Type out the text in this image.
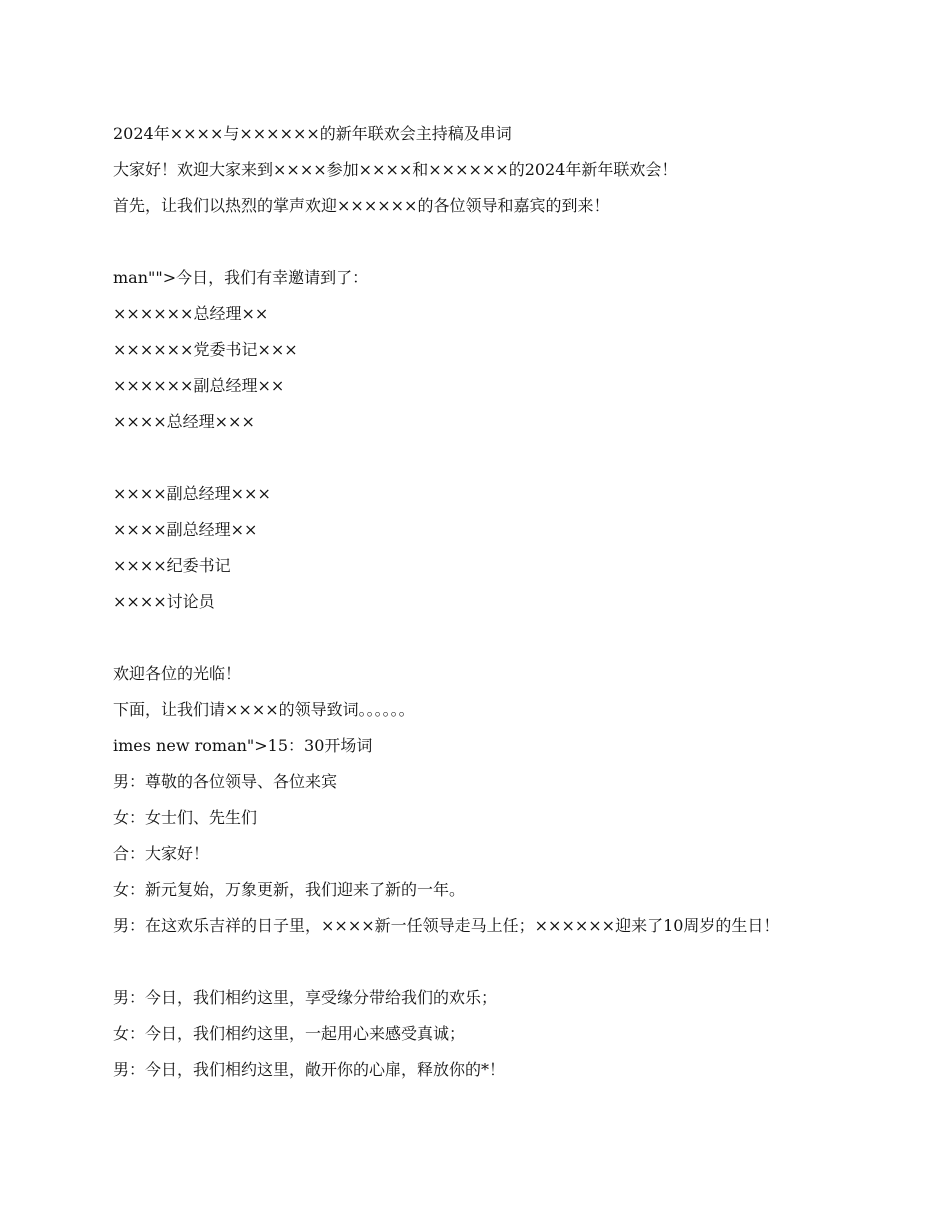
2024年××××与××××××的新年联欢会主持稿及串词

大家好！欢迎大家来到××××参加××××和××××××的2024年新年联欢会！

首先，让我们以热烈的掌声欢迎××××××的各位领导和嘉宾的到来！

man"">今日，我们有幸邀请到了：

××××××总经理××

××××××党委书记×××

××××××副总经理××

××××总经理×××

××××副总经理×××

××××副总经理××

××××纪委书记

××××讨论员

欢迎各位的光临！

下面，让我们请××××的领导致词。。。。。。

imes new roman">15：30开场词

男：尊敬的各位领导、各位来宾

女：女士们、先生们

合：大家好！

女：新元复始，万象更新，我们迎来了新的一年。

男：在这欢乐吉祥的日子里，××××新一任领导走马上任；××××××迎来了10周岁的生日！

男：今日，我们相约这里，享受缘分带给我们的欢乐；

女：今日，我们相约这里，一起用心来感受真诚；

男：今日，我们相约这里，敞开你的心扉，释放你的*！
